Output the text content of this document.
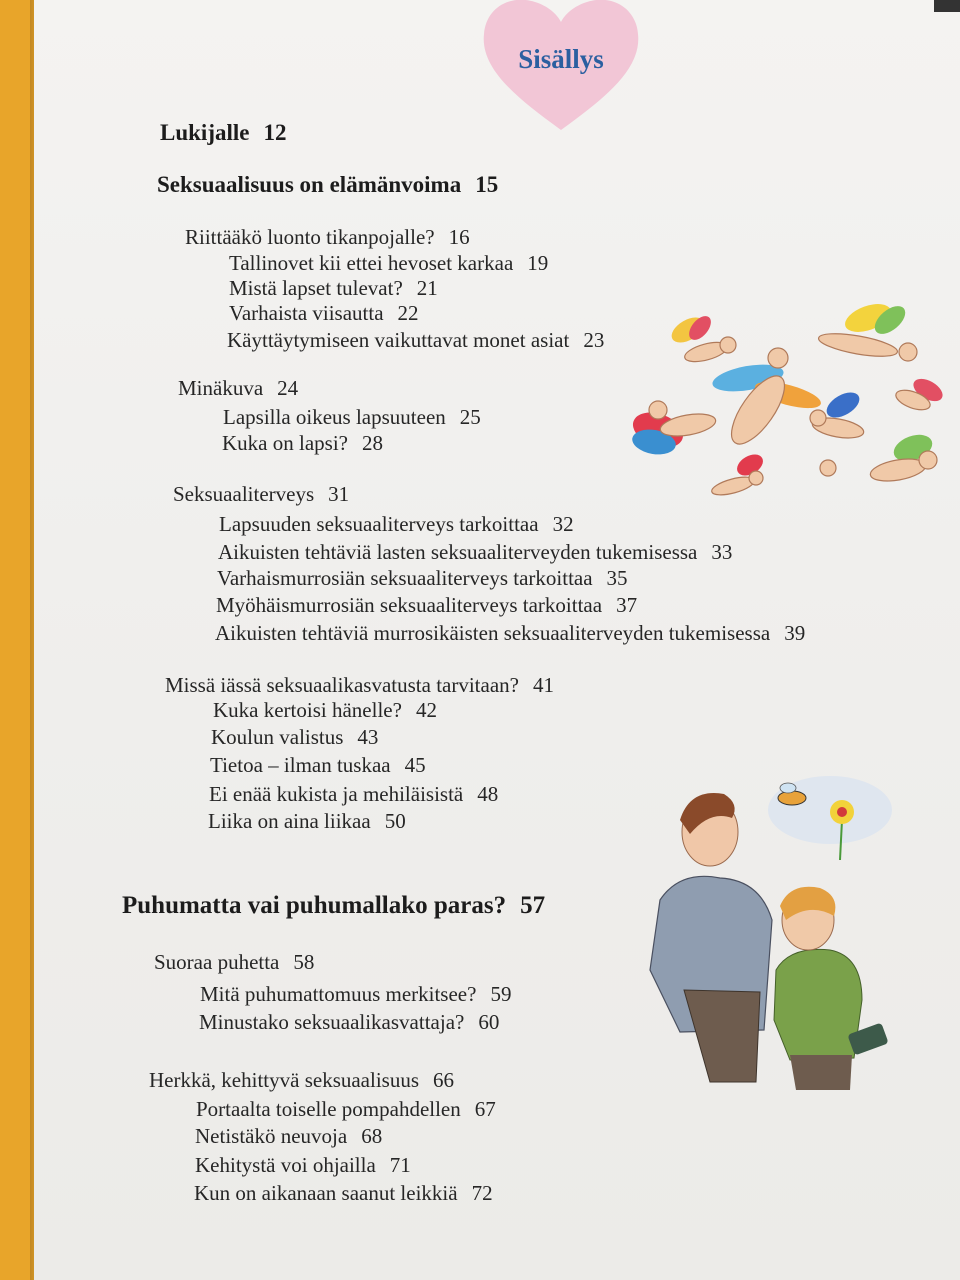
Sisällys
Lukijalle 12
Seksuaalisuus on elämänvoima 15
Riittääkö luonto tikanpojalle? 16
Tallinovet kii ettei hevoset karkaa 19
Mistä lapset tulevat? 21
Varhaista viisautta 22
Käyttäytymiseen vaikuttavat monet asiat 23
Minäkuva 24
Lapsilla oikeus lapsuuteen 25
Kuka on lapsi? 28
Seksuaaliterveys 31
Lapsuuden seksuaaliterveys tarkoittaa 32
Aikuisten tehtäviä lasten seksuaaliterveyden tukemisessa 33
Varhaismurrosiän seksuaaliterveys tarkoittaa 35
Myöhäismurrosiän seksuaaliterveys tarkoittaa 37
Aikuisten tehtäviä murrosikäisten seksuaaliterveyden tukemisessa 39
Missä iässä seksuaalikasvatusta tarvitaan? 41
Kuka kertoisi hänelle? 42
Koulun valistus 43
Tietoa – ilman tuskaa 45
Ei enää kukista ja mehiläisistä 48
Liika on aina liikaa 50
Puhumatta vai puhumallako paras? 57
Suoraa puhetta 58
Mitä puhumattomuus merkitsee? 59
Minustako seksuaalikasvattaja? 60
Herkkä, kehittyvä seksuaalisuus 66
Portaalta toiselle pompahdellen 67
Netistäkö neuvoja 68
Kehitystä voi ohjailla 71
Kun on aikanaan saanut leikkiä 72
